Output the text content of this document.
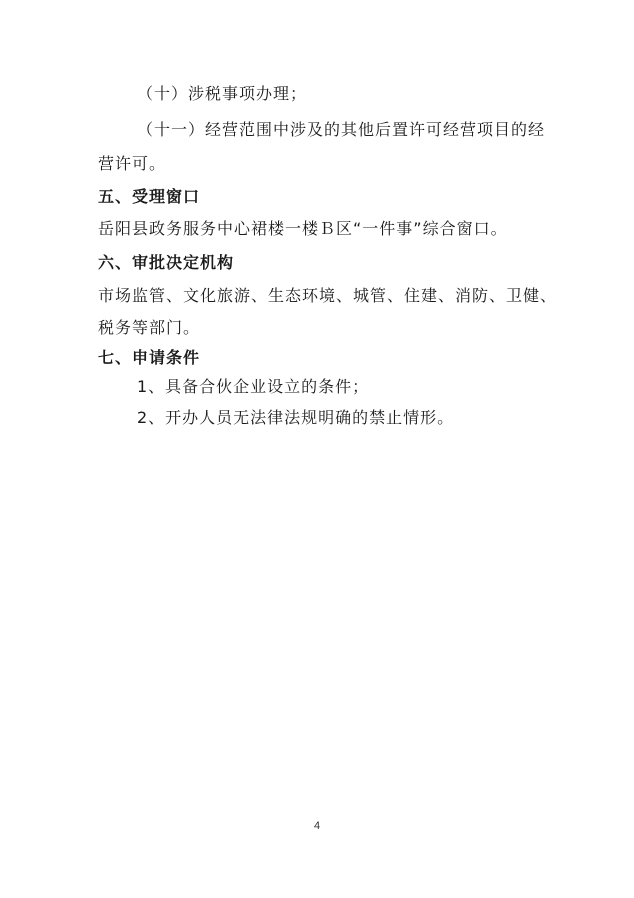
（十）涉税事项办理；
（十一）经营范围中涉及的其他后置许可经营项目的经
营许可。
五、受理窗口
岳阳县政务服务中心裙楼一楼Ｂ区“一件事”综合窗口。
六、审批决定机构
市场监管、文化旅游、生态环境、城管、住建、消防、卫健、
税务等部门。
七、申请条件
1、具备合伙企业设立的条件；
2、开办人员无法律法规明确的禁止情形。
4
